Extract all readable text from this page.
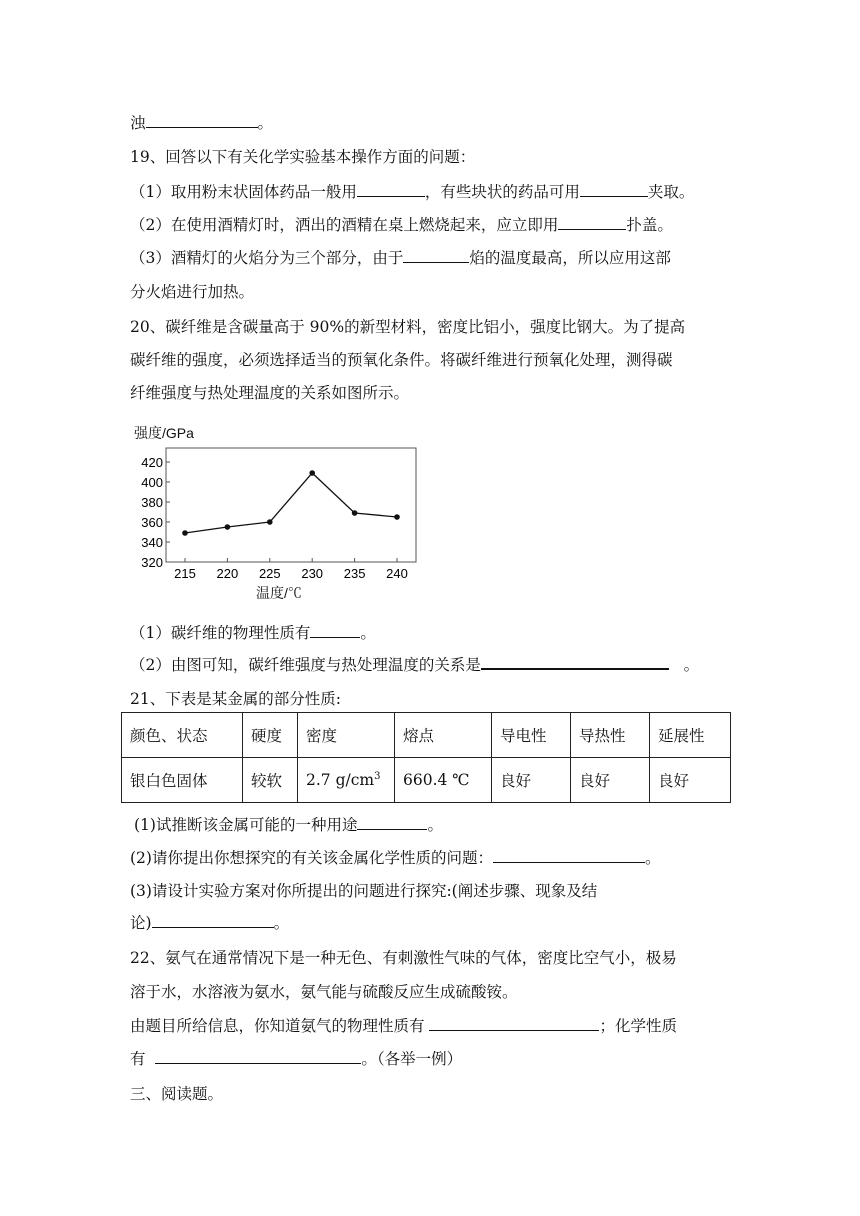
浊	。
19、回答以下有关化学实验基本操作方面的问题：
（1）取用粉末状固体药品一般用	，有些块状的药品可用	夹取。
（2）在使用酒精灯时，洒出的酒精在桌上燃烧起来，应立即用	扑盖。
（3）酒精灯的火焰分为三个部分，由于	焰的温度最高，所以应用这部
分火焰进行加热。
20、碳纤维是含碳量高于 90%的新型材料，密度比铝小，强度比钢大。为了提高
碳纤维的强度，必须选择适当的预氧化条件。将碳纤维进行预氧化处理，测得碳
纤维强度与热处理温度的关系如图所示。
强度/GPa
320
340
360
380
400
420
215 220 225 230 235 240
温度/℃
（1）碳纤维的物理性质有	。
（2）由图可知，碳纤维强度与热处理温度的关系是	。
21、下表是某金属的部分性质:
颜色、状态	硬度	密度	熔点	导电性	导热性	延展性
银白色固体	较软	2.7 $g/cm^3$	660.4 ℃	良好	良好	良好
(1)试推断该金属可能的一种用途	。
(2)请你提出你想探究的有关该金属化学性质的问题：	。
(3)请设计实验方案对你所提出的问题进行探究:(阐述步骤、现象及结
论)	。
22、氨气在通常情况下是一种无色、有刺激性气味的气体，密度比空气小，极易
溶于水，水溶液为氨水，氨气能与硫酸反应生成硫酸铵。
由题目所给信息，你知道氨气的物理性质有	；化学性质
有	。（各举一例）
三、阅读题。
